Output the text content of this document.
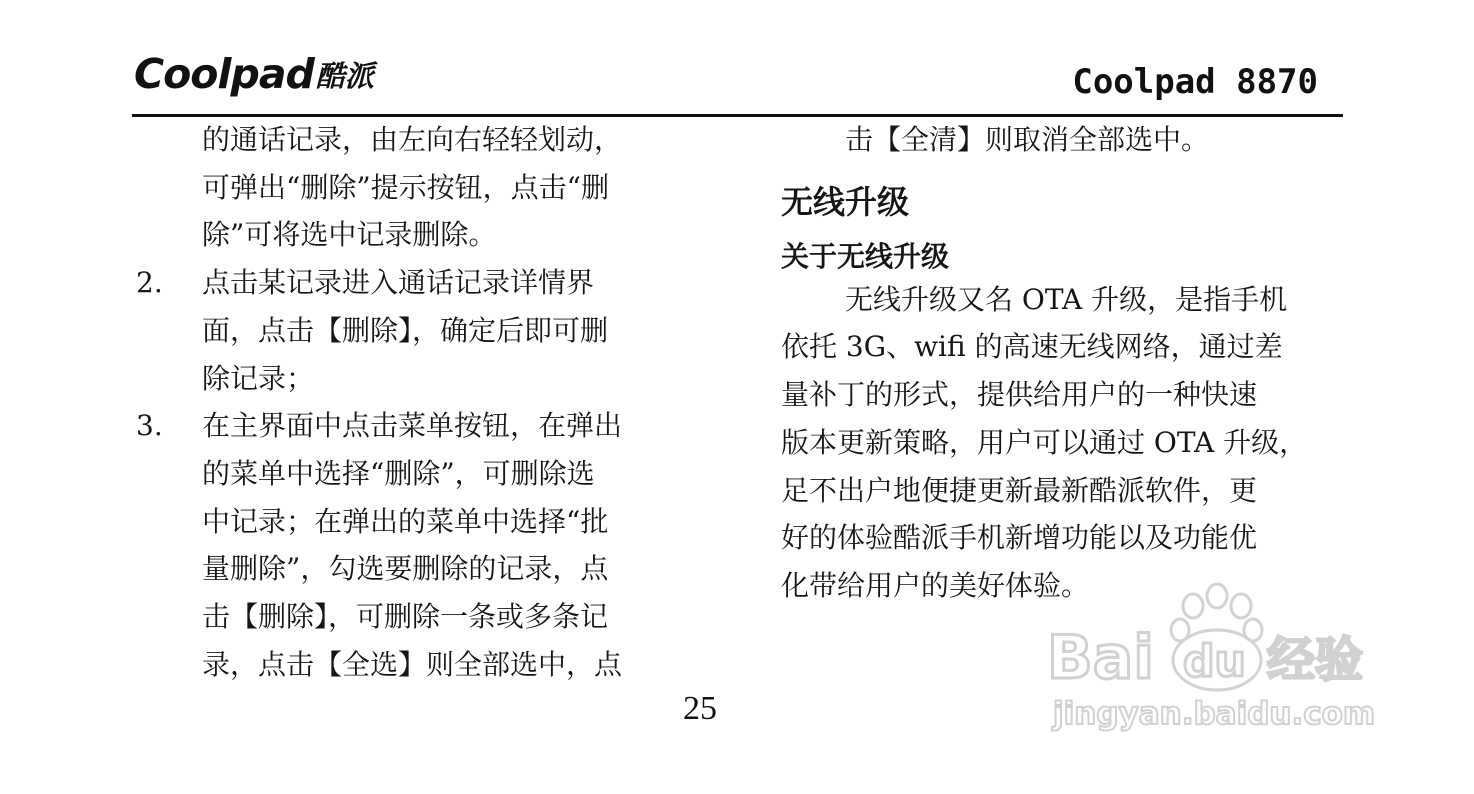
Coolpad 酷派	Coolpad 8870

的通话记录，由左向右轻轻划动，

可弹出“删除”提示按钮，点击“删

除”可将选中记录删除。

2. 点击某记录进入通话记录详情界

面，点击【删除】，确定后即可删

除记录；

3. 在主界面中点击菜单按钮，在弹出

的菜单中选择“删除”，可删除选

中记录；在弹出的菜单中选择“批

量删除”，勾选要删除的记录，点

击【删除】，可删除一条或多条记

录，点击【全选】则全部选中，点

击【全清】则取消全部选中。

无线升级

关于无线升级

无线升级又名 OTA 升级，是指手机

依托 3G、wifi 的高速无线网络，通过差

量补丁的形式，提供给用户的一种快速

版本更新策略，用户可以通过 OTA 升级，

足不出户地便捷更新最新酷派软件，更

好的体验酷派手机新增功能以及功能优

化带给用户的美好体验。

25
Bai du 经验
jingyan.baidu.com
